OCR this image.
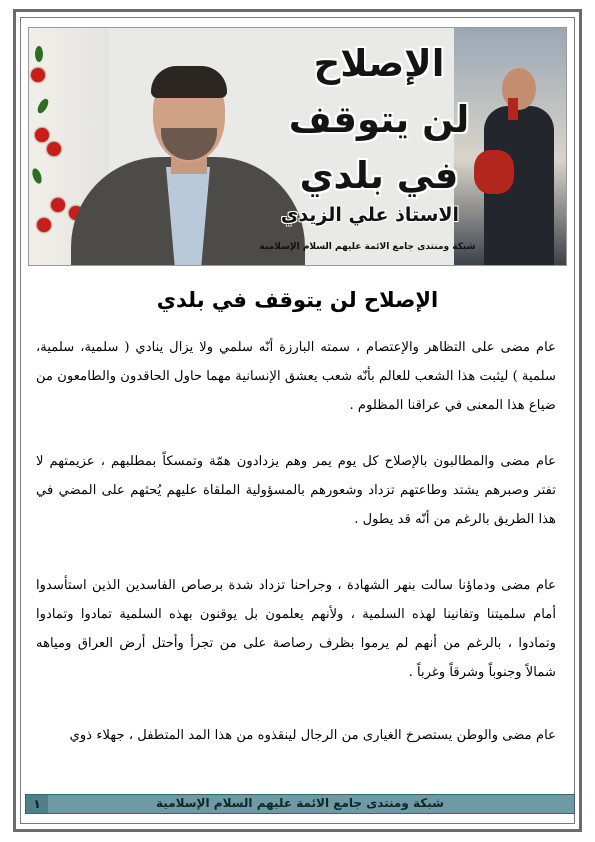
الإصلاح
لن يتوقف
في بلدي
الاستاذ علي الزيدي
شبكة ومنتدى جامع الائمة عليهم السلام الإسلامية
الإصلاح لن يتوقف في بلدي

عام مضى على التظاهر والإعتصام ، سمته البارزة أنّه سلمي ولا يزال ينادي ( سلمية، سلمية، سلمية ) ليثبت هذا الشعب للعالم بأنّه شعب يعشق الإنسانية مهما حاول الحاقدون والطامعون من ضياع هذا المعنى في عراقنا المظلوم .

عام مضى والمطالبون بالإصلاح كل يوم يمر وهم يزدادون همّة وتمسكاً بمطلبهم ، عزيمتهم لا تفتر وصبرهم يشتد وطاعتهم تزداد وشعورهم بالمسؤولية الملقاة عليهم يُحثهم على المضي في هذا الطريق بالرغم من أنّه قد يطول .

عام مضى ودماؤنا سالت بنهر الشهادة ، وجراحنا تزداد شدة برصاص الفاسدين الذين استأسدوا أمام سلميتنا وتفانينا لهذه السلمية ، ولأنهم يعلمون بل يوقنون بهذه السلمية تمادوا وتمادوا وتمادوا ، بالرغم من أنهم لم يرموا بظرف رصاصة على من تجرأ وأحتل أرض العراق ومياهه شمالاً وجنوباً وشرقاً وغرباً .

عام مضى والوطن يستصرخ الغيارى من الرجال لينقذوه من هذا المد المتطفل ، جهلاء ذوي

شبكة ومنتدى جامع الائمة عليهم السلام الإسلامية
١
